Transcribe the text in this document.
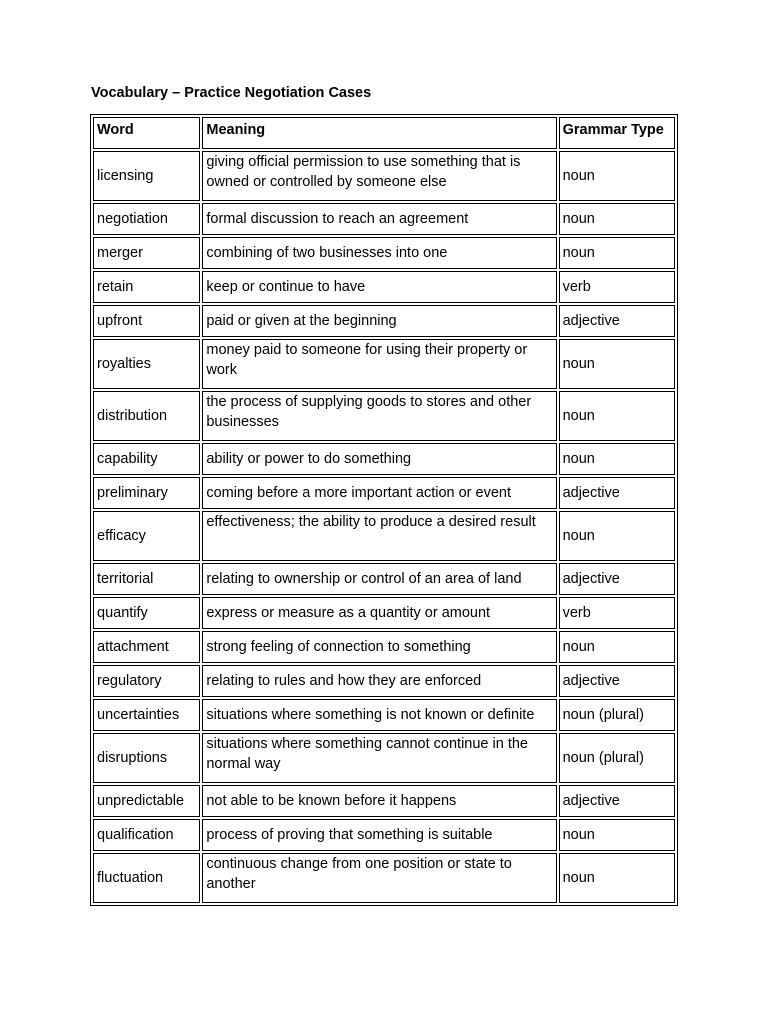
Vocabulary – Practice Negotiation Cases
Word	Meaning	Grammar Type
licensing	giving official permission to use something that is owned or controlled by someone else	noun
negotiation	formal discussion to reach an agreement	noun
merger	combining of two businesses into one	noun
retain	keep or continue to have	verb
upfront	paid or given at the beginning	adjective
royalties	money paid to someone for using their property or work	noun
distribution	the process of supplying goods to stores and other businesses	noun
capability	ability or power to do something	noun
preliminary	coming before a more important action or event	adjective
efficacy	effectiveness; the ability to produce a desired result	noun
territorial	relating to ownership or control of an area of land	adjective
quantify	express or measure as a quantity or amount	verb
attachment	strong feeling of connection to something	noun
regulatory	relating to rules and how they are enforced	adjective
uncertainties	situations where something is not known or definite	noun (plural)
disruptions	situations where something cannot continue in the normal way	noun (plural)
unpredictable	not able to be known before it happens	adjective
qualification	process of proving that something is suitable	noun
fluctuation	continuous change from one position or state to another	noun
